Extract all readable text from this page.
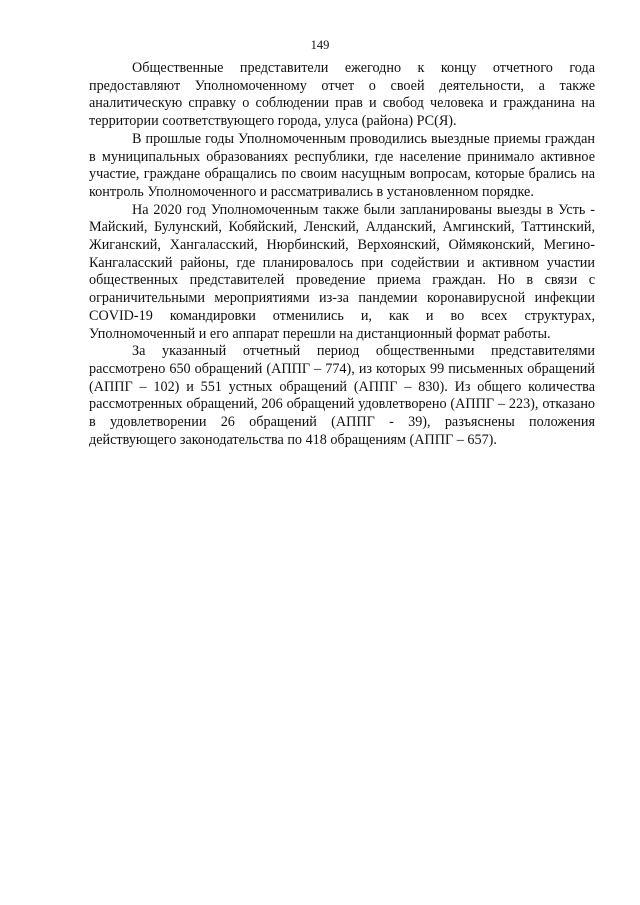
149

Общественные представители ежегодно к концу отчетного года предоставляют Уполномоченному отчет о своей деятельности, а также аналитическую справку о соблюдении прав и свобод человека и гражданина на территории соответствующего города, улуса (района) РС(Я).

В прошлые годы Уполномоченным проводились выездные приемы граждан в муниципальных образованиях республики, где население принимало активное участие, граждане обращались по своим насущным вопросам, которые брались на контроль Уполномоченного и рассматривались в установленном порядке.

На 2020 год Уполномоченным также были запланированы выезды в Усть - Майский, Булунский, Кобяйский, Ленский, Алданский, Амгинский, Таттинский, Жиганский, Хангаласский, Нюрбинский, Верхоянский, Оймяконский, Мегино-Кангаласский районы, где планировалось при содействии и активном участии общественных представителей проведение приема граждан. Но в связи с ограничительными мероприятиями из-за пандемии коронавирусной инфекции COVID-19 командировки отменились и, как и во всех структурах, Уполномоченный и его аппарат перешли на дистанционный формат работы.

За указанный отчетный период общественными представителями рассмотрено 650 обращений (АППГ – 774), из которых 99 письменных обращений (АППГ – 102) и 551 устных обращений (АППГ – 830). Из общего количества рассмотренных обращений, 206 обращений удовлетворено (АППГ – 223), отказано в удовлетворении 26 обращений (АППГ - 39), разъяснены положения действующего законодательства по 418 обращениям (АППГ – 657).
